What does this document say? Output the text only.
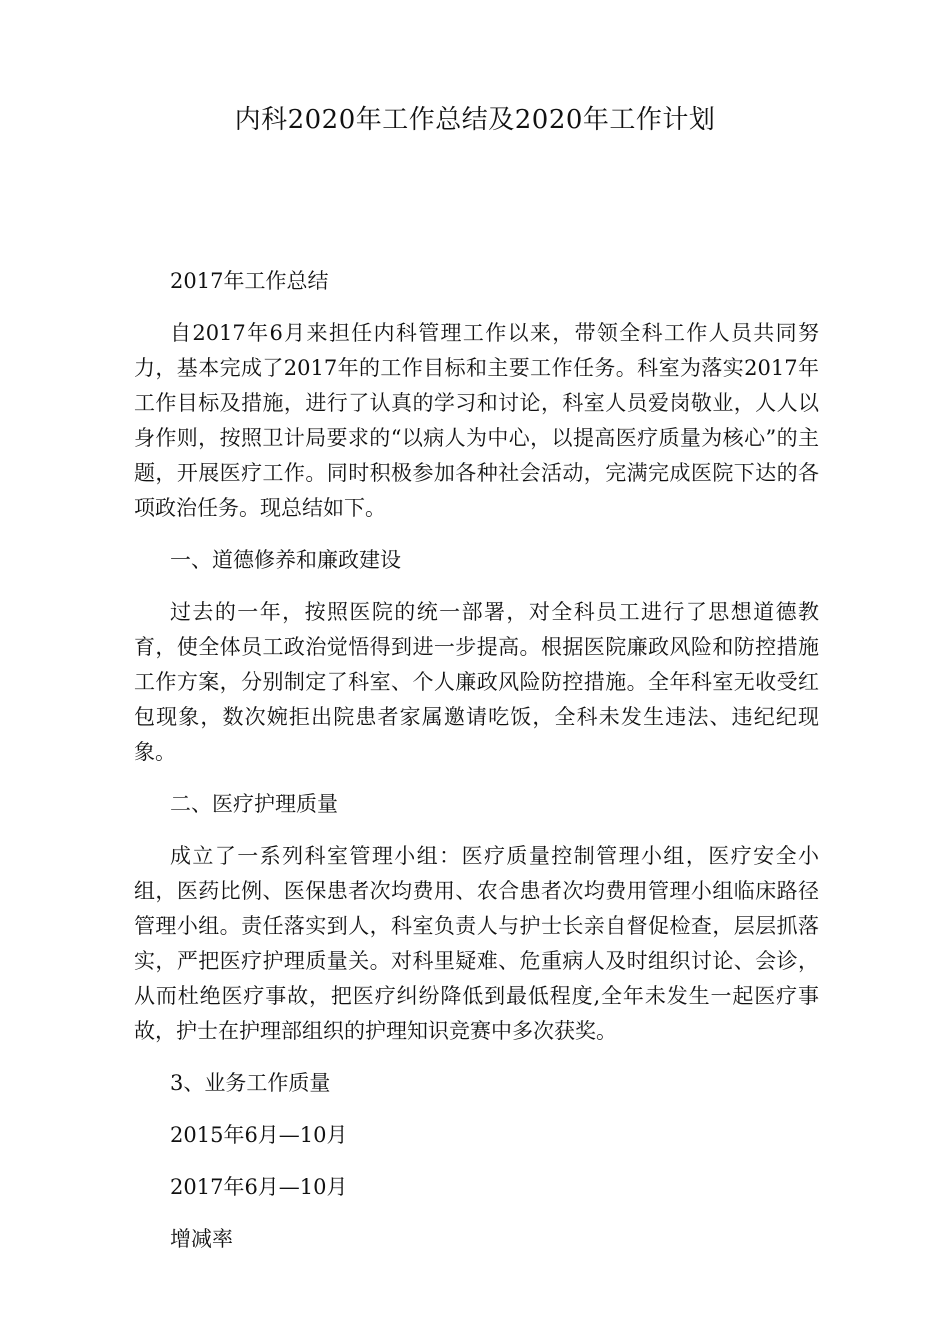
内科2020年工作总结及2020年工作计划
2017年工作总结
自2017年6月来担任内科管理工作以来，带领全科工作人员共同努力，基本完成了2017年的工作目标和主要工作任务。科室为落实2017年工作目标及措施，进行了认真的学习和讨论，科室人员爱岗敬业，人人以身作则，按照卫计局要求的“以病人为中心，以提高医疗质量为核心”的主题，开展医疗工作。同时积极参加各种社会活动，完满完成医院下达的各项政治任务。现总结如下。
一、道德修养和廉政建设
过去的一年，按照医院的统一部署，对全科员工进行了思想道德教育，使全体员工政治觉悟得到进一步提高。根据医院廉政风险和防控措施工作方案，分别制定了科室、个人廉政风险防控措施。全年科室无收受红包现象，数次婉拒出院患者家属邀请吃饭，全科未发生违法、违纪纪现象。
二、医疗护理质量
成立了一系列科室管理小组：医疗质量控制管理小组，医疗安全小组，医药比例、医保患者次均费用、农合患者次均费用管理小组临床路径管理小组。责任落实到人，科室负责人与护士长亲自督促检查，层层抓落实，严把医疗护理质量关。对科里疑难、危重病人及时组织讨论、会诊，从而杜绝医疗事故，把医疗纠纷降低到最低程度,全年未发生一起医疗事故，护士在护理部组织的护理知识竞赛中多次获奖。
3、业务工作质量
2015年6月—10月
2017年6月—10月
增减率
